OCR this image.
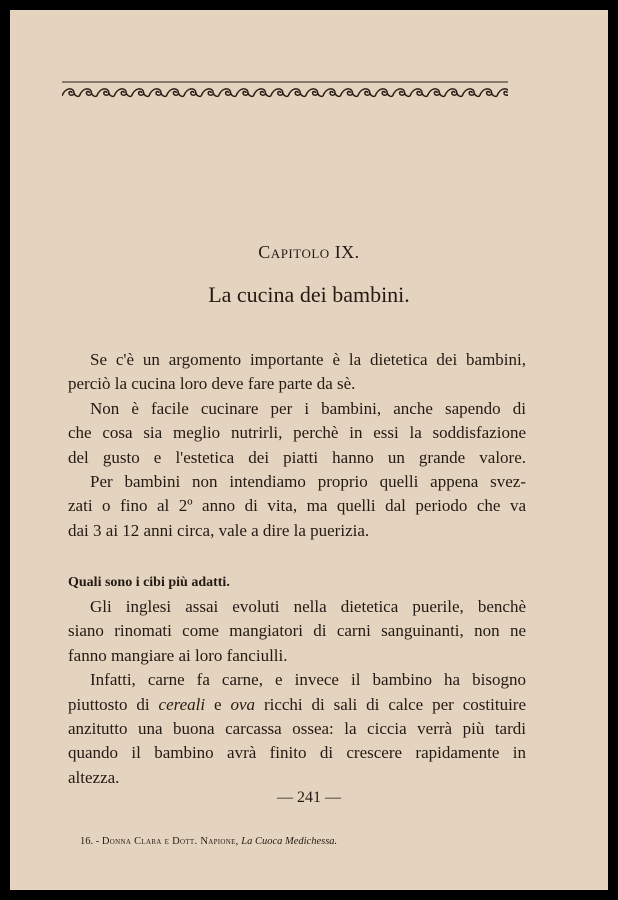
Capitolo IX.
La cucina dei bambini.
Se c'è un argomento importante è la dietetica dei bambini,
perciò la cucina loro deve fare parte da sè.
Non è facile cucinare per i bambini, anche sapendo di
che cosa sia meglio nutrirli, perchè in essi la soddisfazione
del gusto e l'estetica dei piatti hanno un grande valore.
Per bambini non intendiamo proprio quelli appena svez-
zati o fino al 2º anno di vita, ma quelli dal periodo che va
dai 3 ai 12 anni circa, vale a dire la puerizia.
Quali sono i cibi più adatti.
Gli inglesi assai evoluti nella dietetica puerile, benchè
siano rinomati come mangiatori di carni sanguinanti, non ne
fanno mangiare ai loro fanciulli.
Infatti, carne fa carne, e invece il bambino ha bisogno
piuttosto di cereali e ova ricchi di sali di calce per costituire
anzitutto una buona carcassa ossea: la ciccia verrà più tardi
quando il bambino avrà finito di crescere rapidamente in
altezza.
— 241 —
16. - Donna Clara e Dott. Napione, La Cuoca Medichessa.
